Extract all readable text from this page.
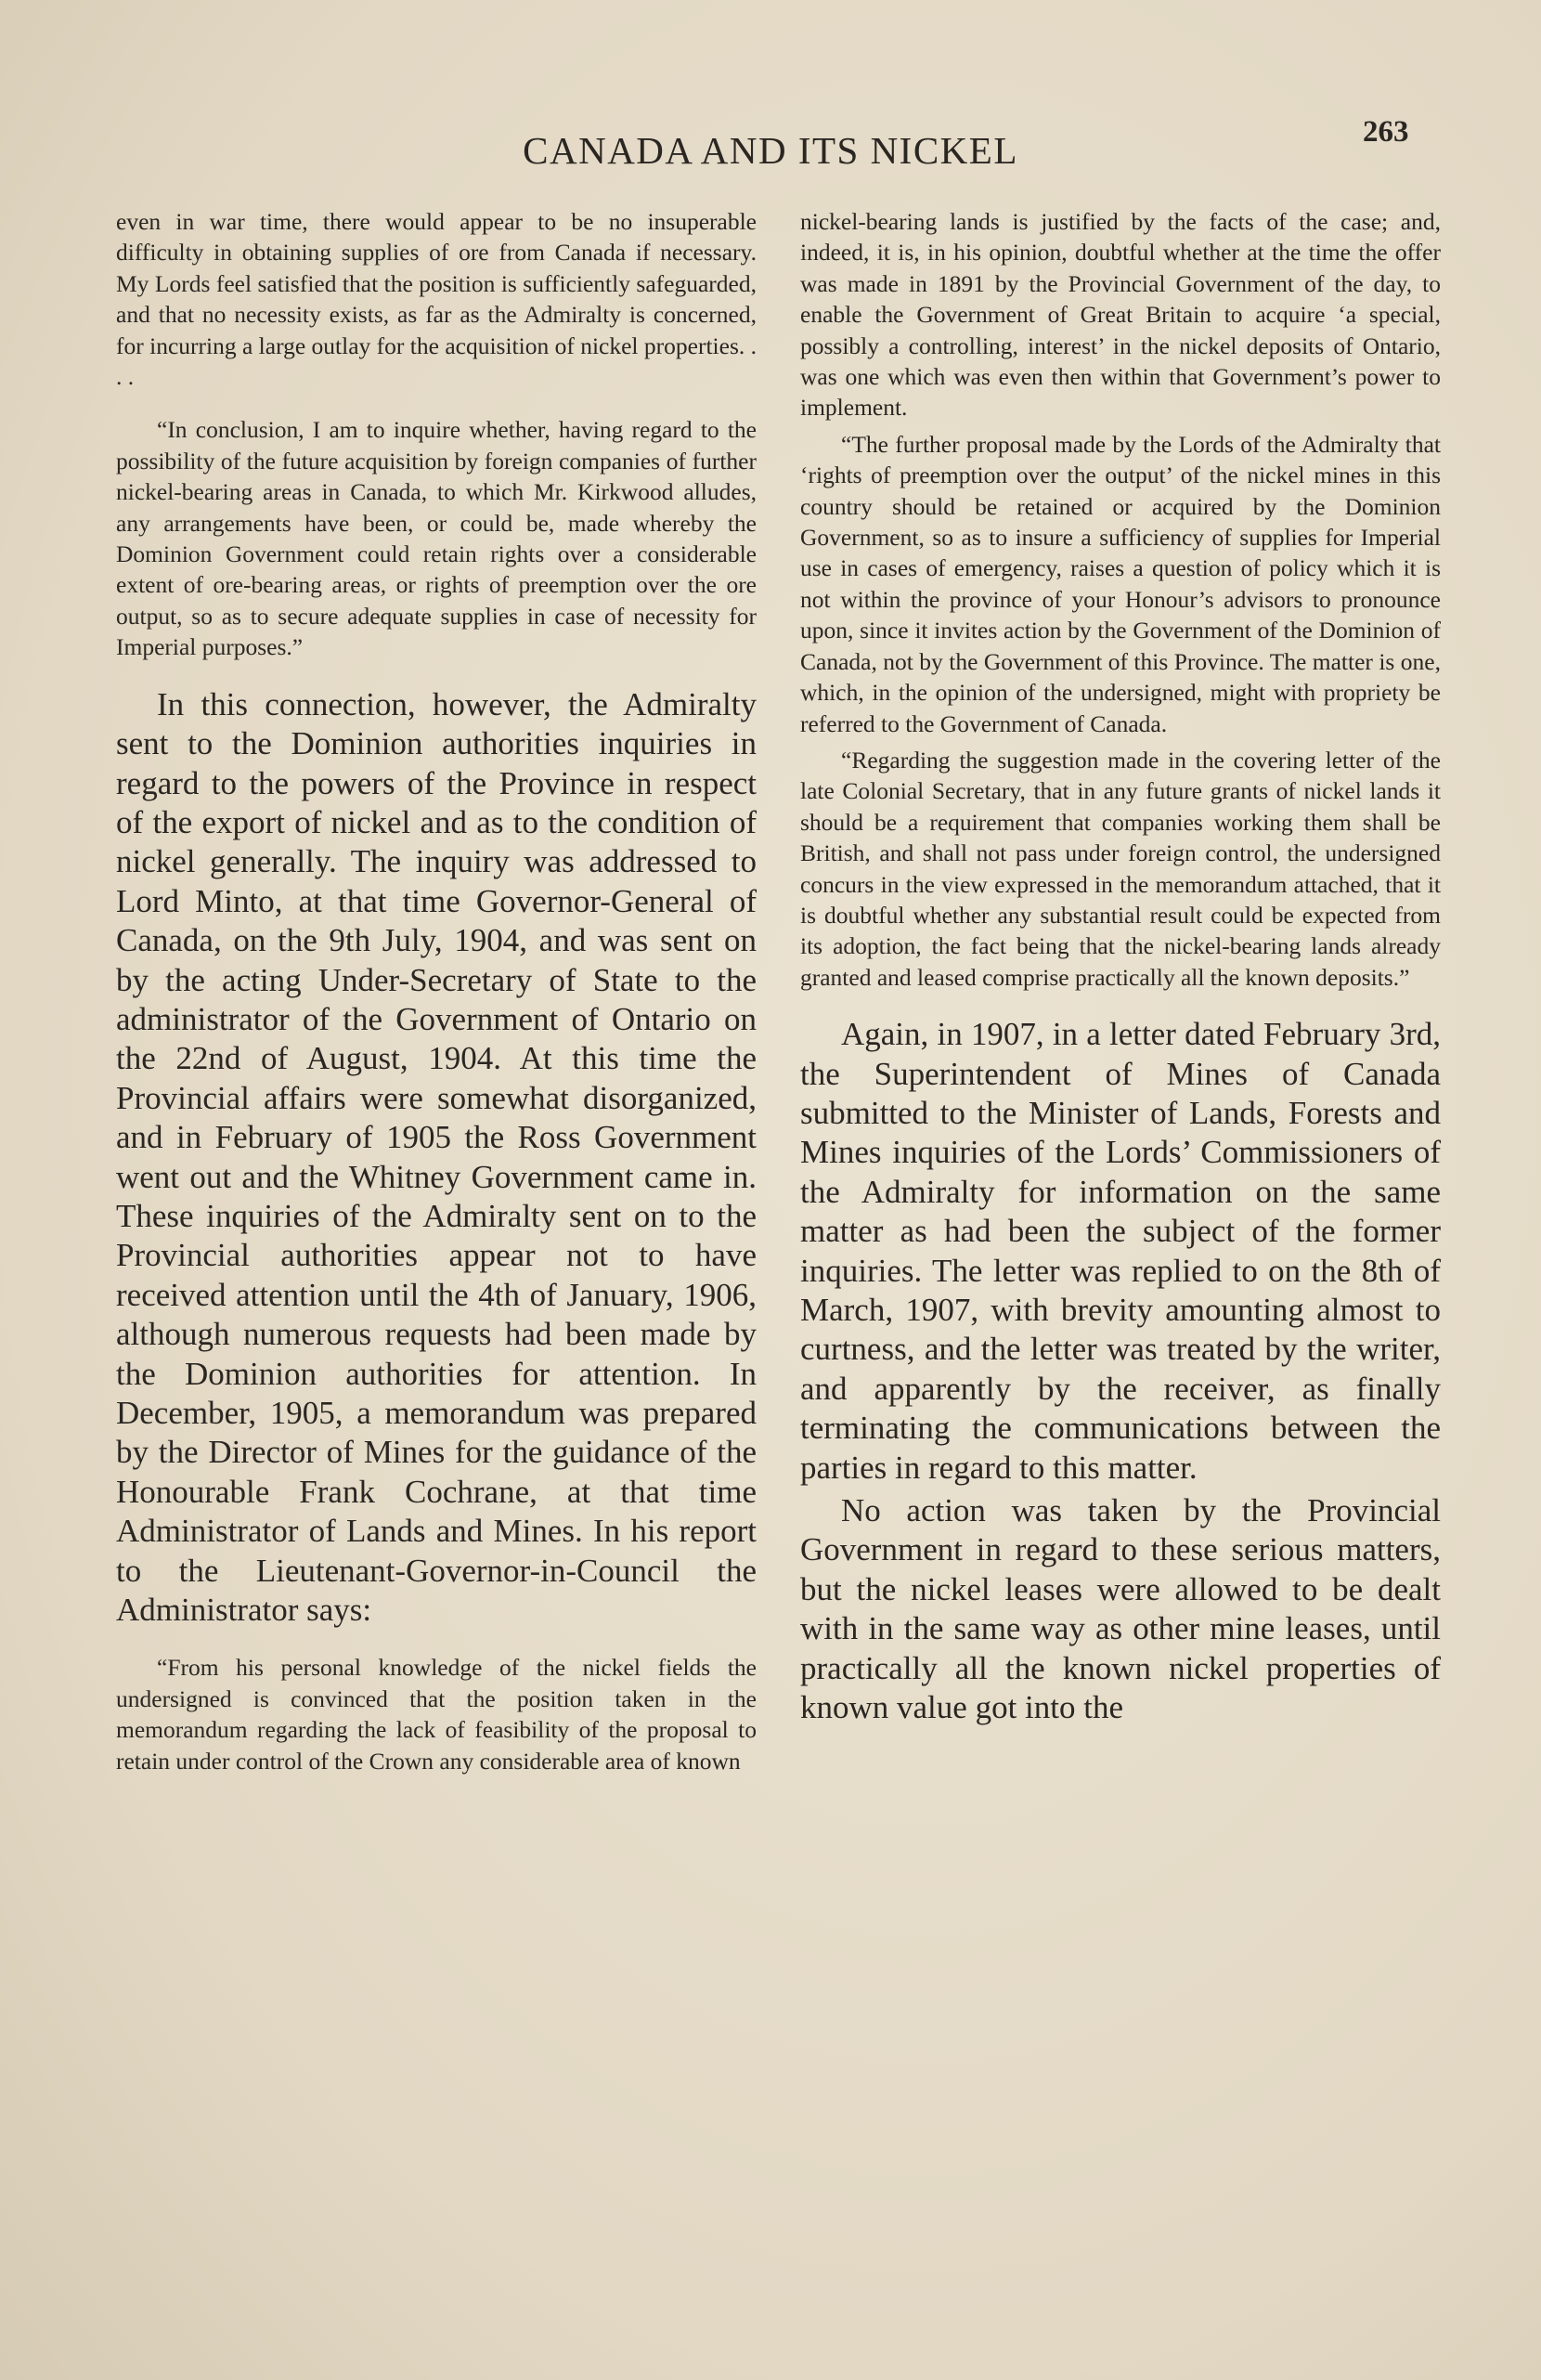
CANADA AND ITS NICKEL	263

even in war time, there would appear to be no insuperable difficulty in obtaining supplies of ore from Canada if necessary. My Lords feel satisfied that the position is sufficiently safeguarded, and that no necessity exists, as far as the Admiralty is concerned, for incurring a large outlay for the acquisition of nickel properties. . . .

“In conclusion, I am to inquire whether, having regard to the possibility of the future acquisition by foreign companies of further nickel-bearing areas in Canada, to which Mr. Kirkwood alludes, any arrangements have been, or could be, made whereby the Dominion Government could retain rights over a considerable extent of ore-bearing areas, or rights of preemption over the ore output, so as to secure adequate supplies in case of necessity for Imperial purposes.”

In this connection, however, the Admiralty sent to the Dominion authorities inquiries in regard to the powers of the Province in respect of the export of nickel and as to the condition of nickel generally. The inquiry was addressed to Lord Minto, at that time Governor-General of Canada, on the 9th July, 1904, and was sent on by the acting Under-Secretary of State to the administrator of the Government of Ontario on the 22nd of August, 1904. At this time the Provincial affairs were somewhat disorganized, and in February of 1905 the Ross Government went out and the Whitney Government came in. These inquiries of the Admiralty sent on to the Provincial authorities appear not to have received attention until the 4th of January, 1906, although numerous requests had been made by the Dominion authorities for attention. In December, 1905, a memorandum was prepared by the Director of Mines for the guidance of the Honourable Frank Cochrane, at that time Administrator of Lands and Mines. In his report to the Lieutenant-Governor-in-Council the Administrator says:

“From his personal knowledge of the nickel fields the undersigned is convinced that the position taken in the memorandum regarding the lack of feasibility of the proposal to retain under control of the Crown any considerable area of known

nickel-bearing lands is justified by the facts of the case; and, indeed, it is, in his opinion, doubtful whether at the time the offer was made in 1891 by the Provincial Government of the day, to enable the Government of Great Britain to acquire ‘a special, possibly a controlling, interest’ in the nickel deposits of Ontario, was one which was even then within that Government’s power to implement.

“The further proposal made by the Lords of the Admiralty that ‘rights of preemption over the output’ of the nickel mines in this country should be retained or acquired by the Dominion Government, so as to insure a sufficiency of supplies for Imperial use in cases of emergency, raises a question of policy which it is not within the province of your Honour’s advisors to pronounce upon, since it invites action by the Government of the Dominion of Canada, not by the Government of this Province. The matter is one, which, in the opinion of the undersigned, might with propriety be referred to the Government of Canada.

“Regarding the suggestion made in the covering letter of the late Colonial Secretary, that in any future grants of nickel lands it should be a requirement that companies working them shall be British, and shall not pass under foreign control, the undersigned concurs in the view expressed in the memorandum attached, that it is doubtful whether any substantial result could be expected from its adoption, the fact being that the nickel-bearing lands already granted and leased comprise practically all the known deposits.”

Again, in 1907, in a letter dated February 3rd, the Superintendent of Mines of Canada submitted to the Minister of Lands, Forests and Mines inquiries of the Lords’ Commissioners of the Admiralty for information on the same matter as had been the subject of the former inquiries. The letter was replied to on the 8th of March, 1907, with brevity amounting almost to curtness, and the letter was treated by the writer, and apparently by the receiver, as finally terminating the communications between the parties in regard to this matter.

No action was taken by the Provincial Government in regard to these serious matters, but the nickel leases were allowed to be dealt with in the same way as other mine leases, until practically all the known nickel properties of known value got into the
